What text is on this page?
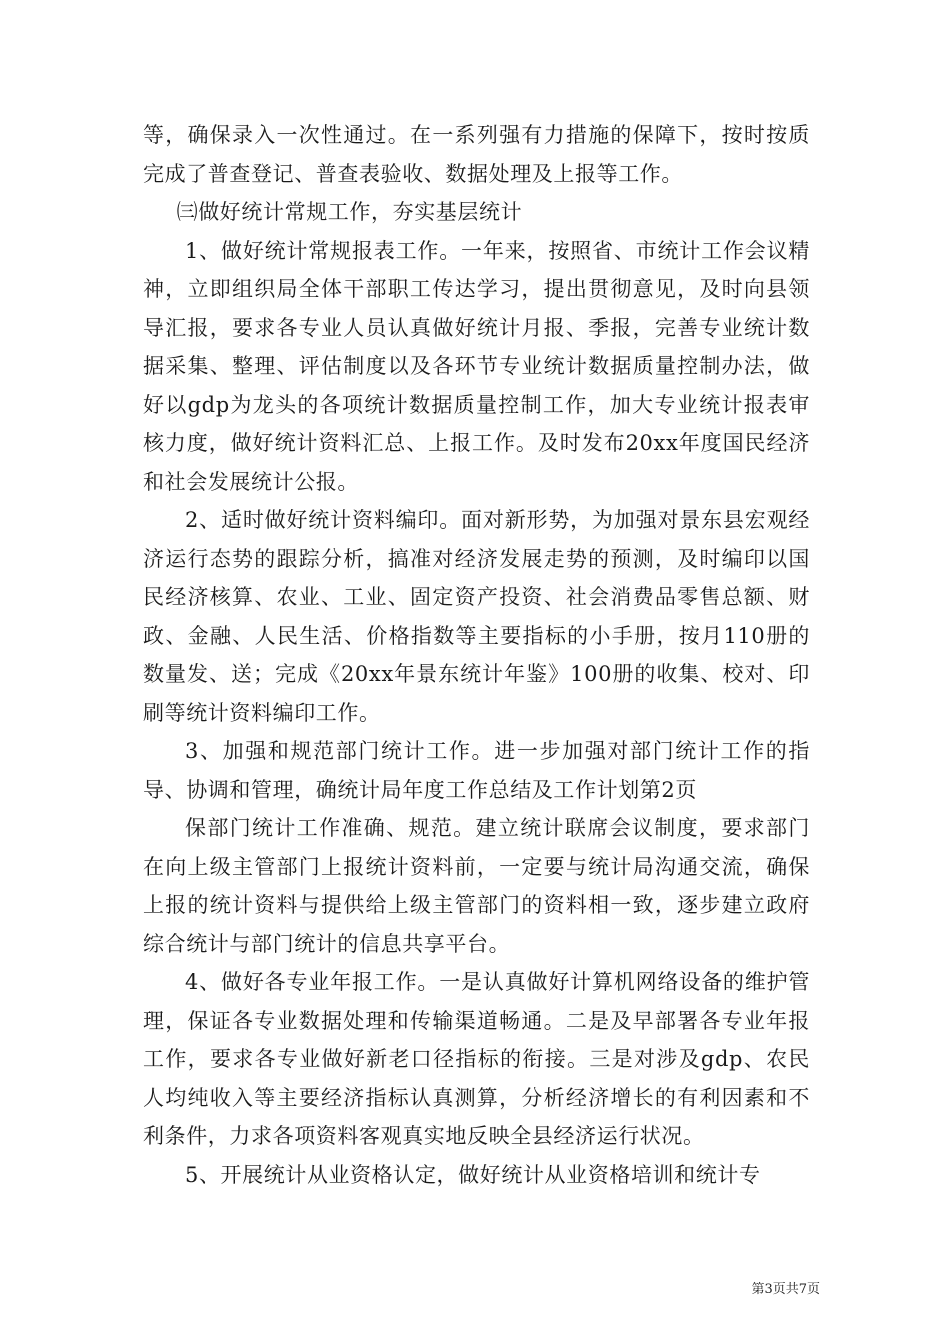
等，确保录入一次性通过。在一系列强有力措施的保障下，按时按质完成了普查登记、普查表验收、数据处理及上报等工作。

㈢做好统计常规工作，夯实基层统计

1、做好统计常规报表工作。一年来，按照省、市统计工作会议精神，立即组织局全体干部职工传达学习，提出贯彻意见，及时向县领导汇报，要求各专业人员认真做好统计月报、季报，完善专业统计数据采集、整理、评估制度以及各环节专业统计数据质量控制办法，做好以gdp为龙头的各项统计数据质量控制工作，加大专业统计报表审核力度，做好统计资料汇总、上报工作。及时发布20xx年度国民经济和社会发展统计公报。

2、适时做好统计资料编印。面对新形势，为加强对景东县宏观经济运行态势的跟踪分析，搞准对经济发展走势的预测，及时编印以国民经济核算、农业、工业、固定资产投资、社会消费品零售总额、财政、金融、人民生活、价格指数等主要指标的小手册，按月110册的数量发、送；完成《20xx年景东统计年鉴》100册的收集、校对、印刷等统计资料编印工作。

3、加强和规范部门统计工作。进一步加强对部门统计工作的指导、协调和管理，确统计局年度工作总结及工作计划第2页

保部门统计工作准确、规范。建立统计联席会议制度，要求部门在向上级主管部门上报统计资料前，一定要与统计局沟通交流，确保上报的统计资料与提供给上级主管部门的资料相一致，逐步建立政府综合统计与部门统计的信息共享平台。

4、做好各专业年报工作。一是认真做好计算机网络设备的维护管理，保证各专业数据处理和传输渠道畅通。二是及早部署各专业年报工作，要求各专业做好新老口径指标的衔接。三是对涉及gdp、农民人均纯收入等主要经济指标认真测算，分析经济增长的有利因素和不利条件，力求各项资料客观真实地反映全县经济运行状况。

5、开展统计从业资格认定，做好统计从业资格培训和统计专

第3页共7页
